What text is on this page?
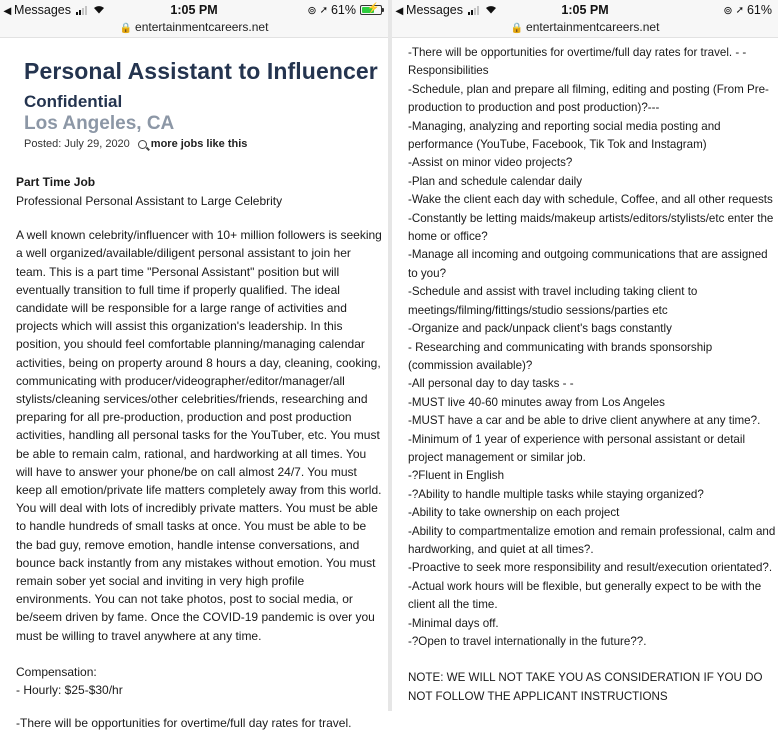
◂ Messages	1:05 PM	⊚ ➚ 61% ⚡
🔒 entertainmentcareers.net
Personal Assistant to Influencer
Confidential
Los Angeles, CA
Posted: July 29, 2020 more jobs like this
Part Time Job
Professional Personal Assistant to Large Celebrity
A well known celebrity/influencer with 10+ million followers is seeking a well organized/available/diligent personal assistant to join her team. This is a part time "Personal Assistant" position but will eventually transition to full time if properly qualified. The ideal candidate will be responsible for a large range of activities and projects which will assist this organization's leadership. In this position, you should feel comfortable planning/managing calendar activities, being on property around 8 hours a day, cleaning, cooking, communicating with producer/videographer/editor/manager/all stylists/cleaning services/other celebrities/friends, researching and preparing for all pre-production, production and post production activities, handling all personal tasks for the YouTuber, etc. You must be able to remain calm, rational, and hardworking at all times. You will have to answer your phone/be on call almost 24/7. You must keep all emotion/private life matters completely away from this world. You will deal with lots of incredibly private matters. You must be able to handle hundreds of small tasks at once. You must be able to be the bad guy, remove emotion, handle intense conversations, and bounce back instantly from any mistakes without emotion. You must remain sober yet social and inviting in very high profile environments. You can not take photos, post to social media, or be/seem driven by fame. Once the COVID-19 pandemic is over you must be willing to travel anywhere at any time.
Compensation:
- Hourly: $25-$30/hr
-There will be opportunities for overtime/full day rates for travel.
◂ Messages	1:05 PM	⊚ ➚ 61%
🔒 entertainmentcareers.net
-There will be opportunities for overtime/full day rates for travel. - -
Responsibilities
-Schedule, plan and prepare all filming, editing and posting (From Pre-
production to production and post production)?---
-Managing, analyzing and reporting social media posting and
performance (YouTube, Facebook, Tik Tok and Instagram)
-Assist on minor video projects?
-Plan and schedule calendar daily
-Wake the client each day with schedule, Coffee, and all other requests
-Constantly be letting maids/makeup artists/editors/stylists/etc enter the
home or office?
-Manage all incoming and outgoing communications that are assigned
to you?
-Schedule and assist with travel including taking client to
meetings/filming/fittings/studio sessions/parties etc
-Organize and pack/unpack client's bags constantly
- Researching and communicating with brands sponsorship
(commission available)?
-All personal day to day tasks - -
-MUST live 40-60 minutes away from Los Angeles
-MUST have a car and be able to drive client anywhere at any time?.
-Minimum of 1 year of experience with personal assistant or detail
project management or similar job.
-?Fluent in English
-?Ability to handle multiple tasks while staying organized?
-Ability to take ownership on each project
-Ability to compartmentalize emotion and remain professional, calm and
hardworking, and quiet at all times?.
-Proactive to seek more responsibility and result/execution orientated?.
-Actual work hours will be flexible, but generally expect to be with the
client all the time.
-Minimal days off.
-?Open to travel internationally in the future??.
NOTE: WE WILL NOT TAKE YOU AS CONSIDERATION IF YOU DO NOT FOLLOW THE APPLICANT INSTRUCTIONS
